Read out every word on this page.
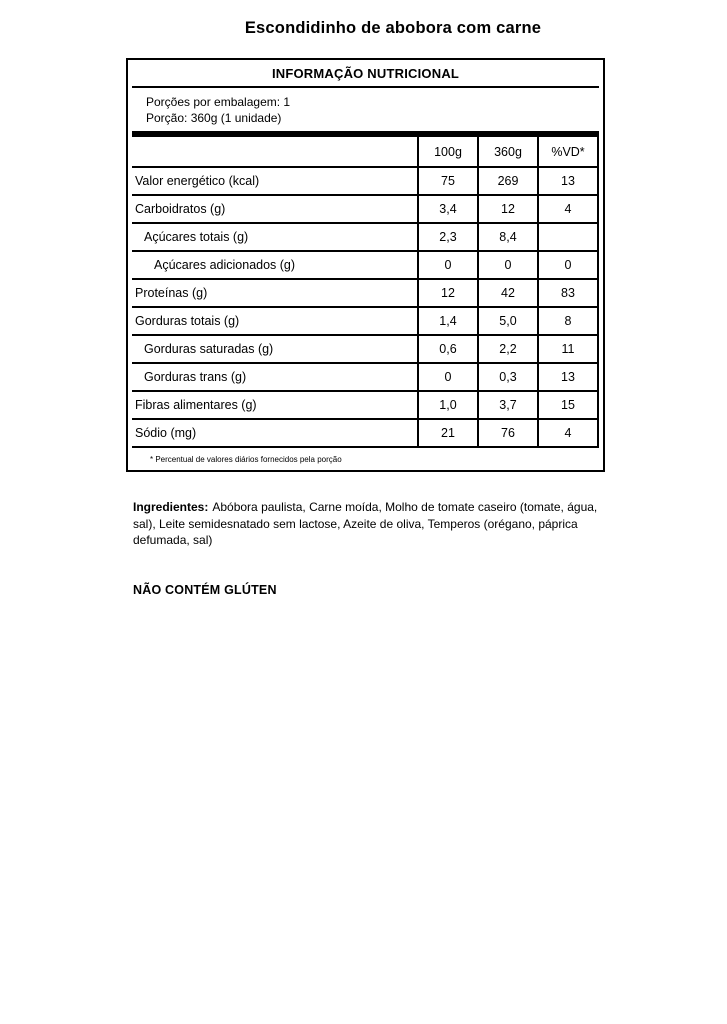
Escondidinho de abobora com carne
INFORMAÇÃO NUTRICIONAL
Porções por embalagem: 1
Porção: 360g (1 unidade)
100g	360g	%VD*
Valor energético (kcal)	75	269	13
Carboidratos (g)	3,4	12	4
Açúcares totais (g)	2,3	8,4
Açúcares adicionados (g)	0	0	0
Proteínas (g)	12	42	83
Gorduras totais (g)	1,4	5,0	8
Gorduras saturadas (g)	0,6	2,2	11
Gorduras trans (g)	0	0,3	13
Fibras alimentares (g)	1,0	3,7	15
Sódio (mg)	21	76	4
* Percentual de valores diários fornecidos pela porção
Ingredientes: Abóbora paulista, Carne moída, Molho de tomate caseiro (tomate, água, sal), Leite semidesnatado sem lactose, Azeite de oliva, Temperos (orégano, páprica defumada, sal)
NÃO CONTÉM GLÚTEN
